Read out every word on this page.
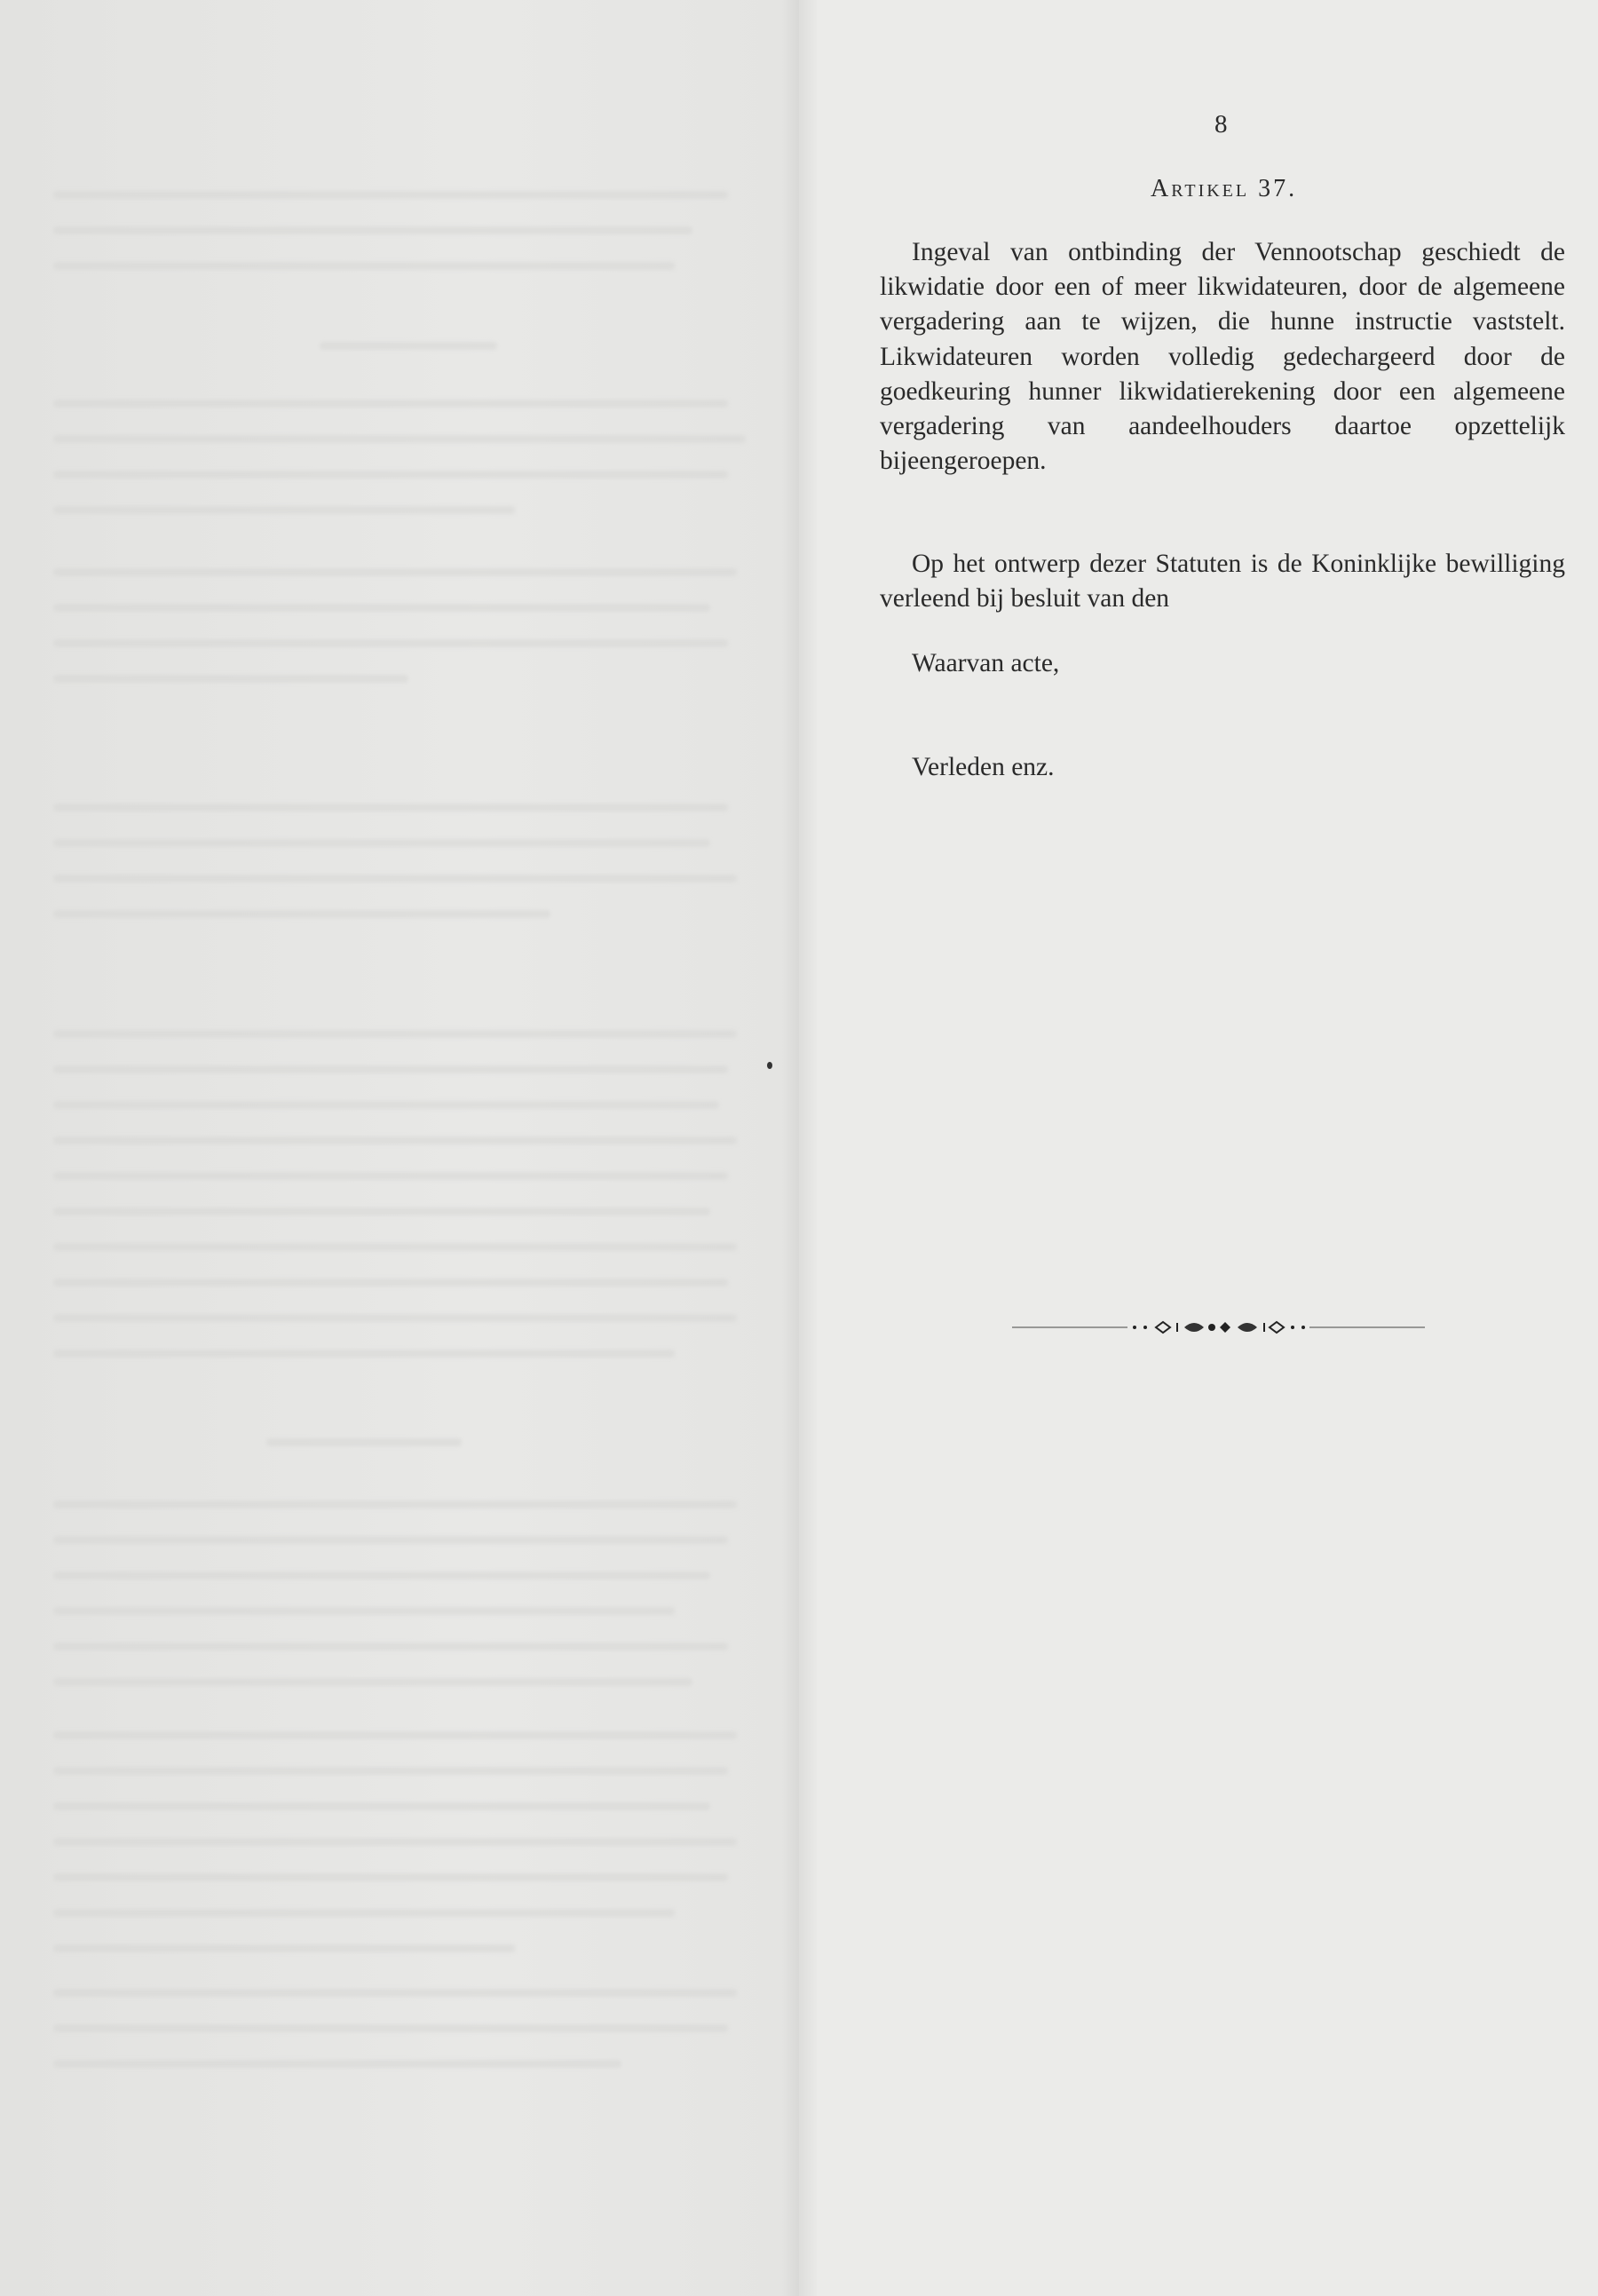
8
Artikel 37.

Ingeval van ontbinding der Vennootschap geschiedt de likwidatie door een of meer likwidateuren, door de algemeene vergadering aan te wijzen, die hunne instructie vaststelt. Likwidateuren worden volledig gedechargeerd door de goedkeuring hunner likwidatierekening door een algemeene vergadering van aandeelhouders daartoe opzettelijk bijeengeroepen.

Op het ontwerp dezer Statuten is de Koninklijke bewilliging verleend bij besluit van den

Waarvan acte,
Verleden enz.
